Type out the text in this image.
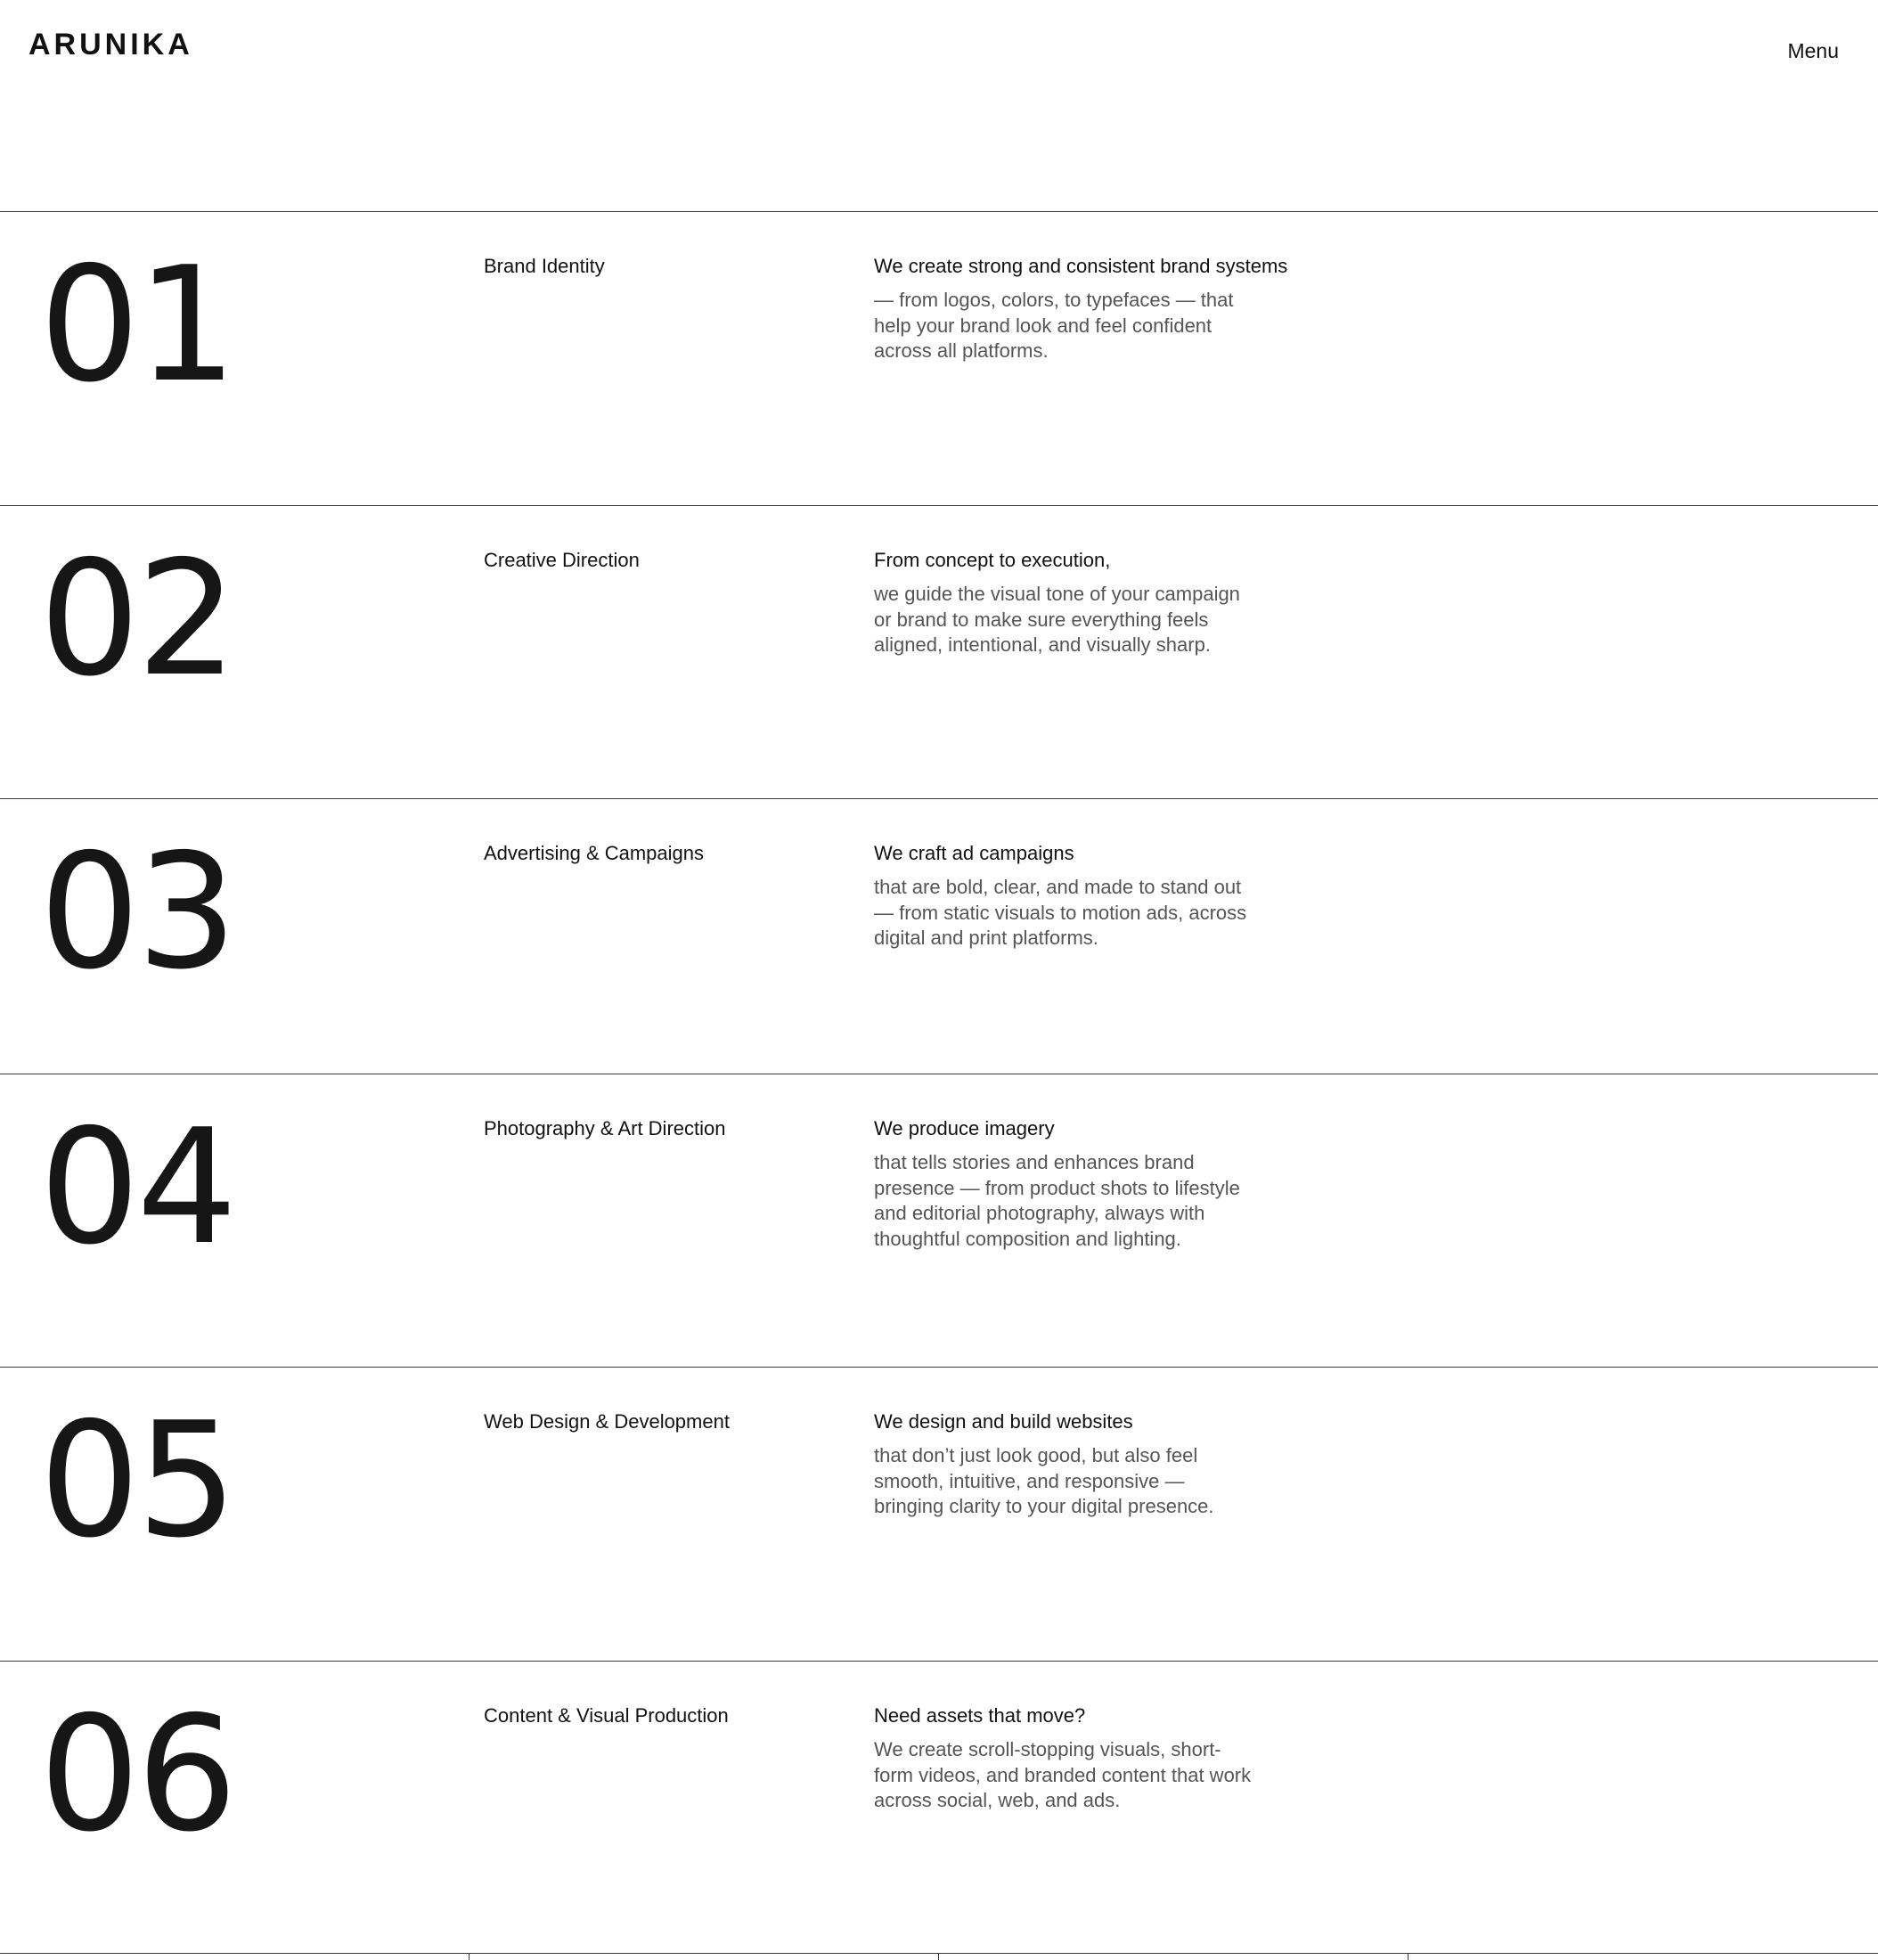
ARUNIKA	Menu
01	Brand Identity	We create strong and consistent brand systems
— from logos, colors, to typefaces — that help your brand look and feel confident across all platforms.
02	Creative Direction	From concept to execution,
we guide the visual tone of your campaign or brand to make sure everything feels aligned, intentional, and visually sharp.
03	Advertising & Campaigns	We craft ad campaigns
that are bold, clear, and made to stand out — from static visuals to motion ads, across digital and print platforms.
04	Photography & Art Direction	We produce imagery
that tells stories and enhances brand presence — from product shots to lifestyle and editorial photography, always with thoughtful composition and lighting.
05	Web Design & Development	We design and build websites
that don’t just look good, but also feel smooth, intuitive, and responsive — bringing clarity to your digital presence.
06	Content & Visual Production	Need assets that move?
We create scroll-stopping visuals, short-form videos, and branded content that work across social, web, and ads.
